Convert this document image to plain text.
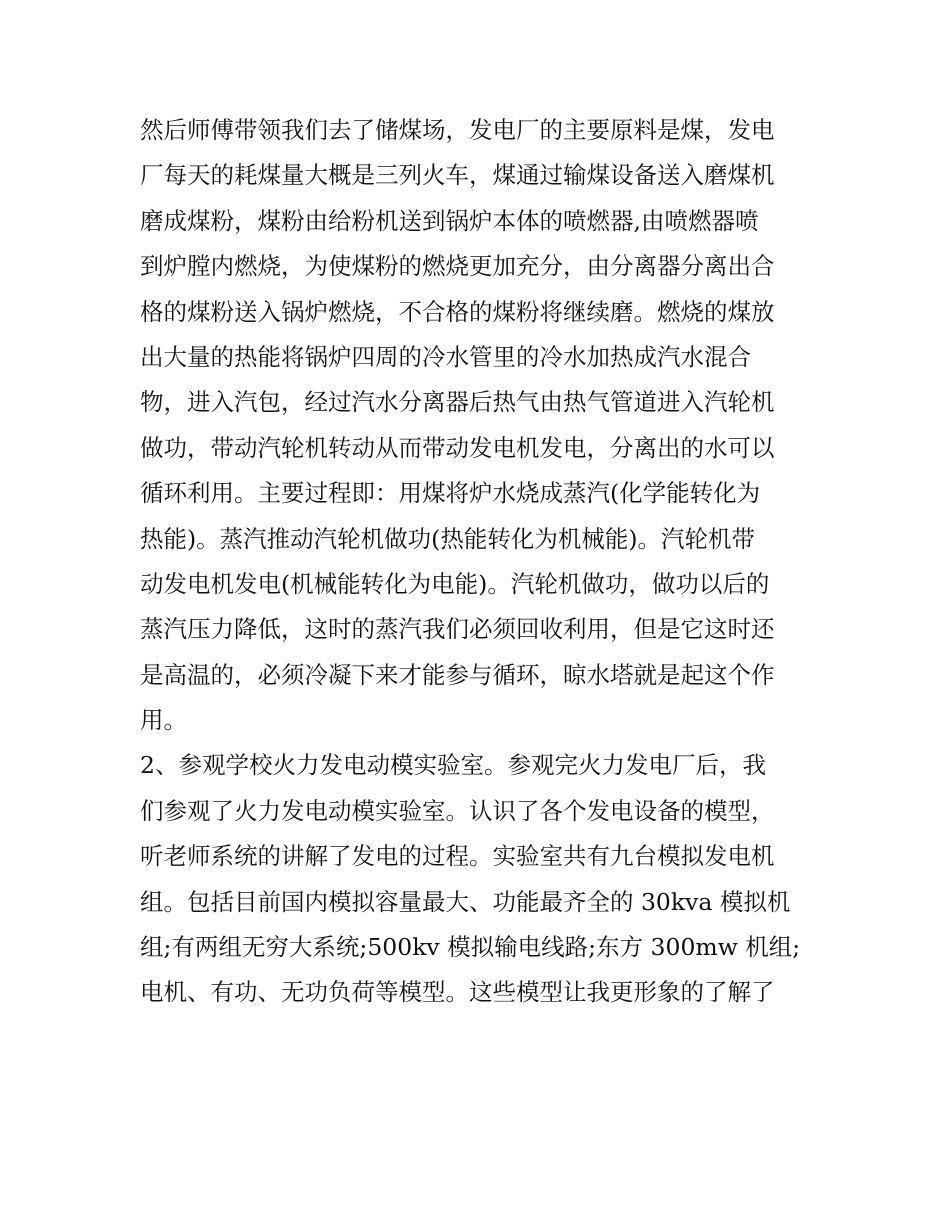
然后师傅带领我们去了储煤场，发电厂的主要原料是煤，发电
厂每天的耗煤量大概是三列火车，煤通过输煤设备送入磨煤机
磨成煤粉，煤粉由给粉机送到锅炉本体的喷燃器,由喷燃器喷
到炉膛内燃烧，为使煤粉的燃烧更加充分，由分离器分离出合
格的煤粉送入锅炉燃烧，不合格的煤粉将继续磨。燃烧的煤放
出大量的热能将锅炉四周的冷水管里的冷水加热成汽水混合
物，进入汽包，经过汽水分离器后热气由热气管道进入汽轮机
做功，带动汽轮机转动从而带动发电机发电，分离出的水可以
循环利用。主要过程即：用煤将炉水烧成蒸汽(化学能转化为
热能)。蒸汽推动汽轮机做功(热能转化为机械能)。汽轮机带
动发电机发电(机械能转化为电能)。汽轮机做功，做功以后的
蒸汽压力降低，这时的蒸汽我们必须回收利用，但是它这时还
是高温的，必须冷凝下来才能参与循环，晾水塔就是起这个作
用。
2、参观学校火力发电动模实验室。参观完火力发电厂后，我
们参观了火力发电动模实验室。认识了各个发电设备的模型，
听老师系统的讲解了发电的过程。实验室共有九台模拟发电机
组。包括目前国内模拟容量最大、功能最齐全的 30kva 模拟机
组;有两组无穷大系统;500kv 模拟输电线路;东方 300mw 机组;
电机、有功、无功负荷等模型。这些模型让我更形象的了解了
